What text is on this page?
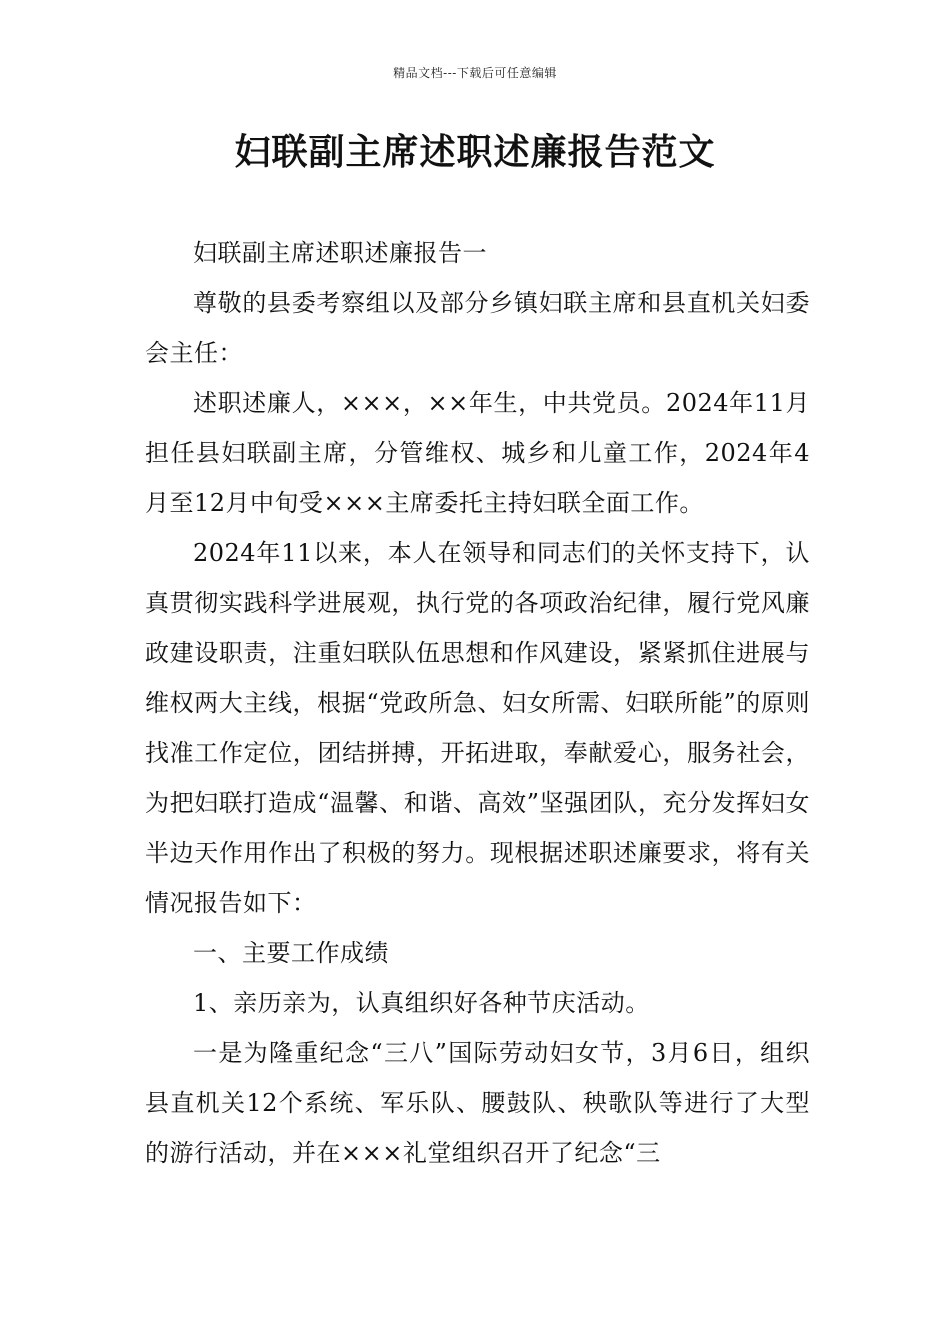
精品文档---下载后可任意编辑
妇联副主席述职述廉报告范文

妇联副主席述职述廉报告一

尊敬的县委考察组以及部分乡镇妇联主席和县直机关妇委会主任：

述职述廉人，×××，××年生，中共党员。2024年11月担任县妇联副主席，分管维权、城乡和儿童工作，2024年4月至12月中旬受×××主席委托主持妇联全面工作。

2024年11以来，本人在领导和同志们的关怀支持下，认真贯彻实践科学进展观，执行党的各项政治纪律，履行党风廉政建设职责，注重妇联队伍思想和作风建设，紧紧抓住进展与维权两大主线，根据“党政所急、妇女所需、妇联所能”的原则找准工作定位，团结拼搏，开拓进取，奉献爱心，服务社会，为把妇联打造成“温馨、和谐、高效”坚强团队，充分发挥妇女半边天作用作出了积极的努力。现根据述职述廉要求，将有关情况报告如下：

一、主要工作成绩

1、亲历亲为，认真组织好各种节庆活动。

一是为隆重纪念“三八”国际劳动妇女节，3月6日，组织县直机关12个系统、军乐队、腰鼓队、秧歌队等进行了大型的游行活动，并在×××礼堂组织召开了纪念“三
